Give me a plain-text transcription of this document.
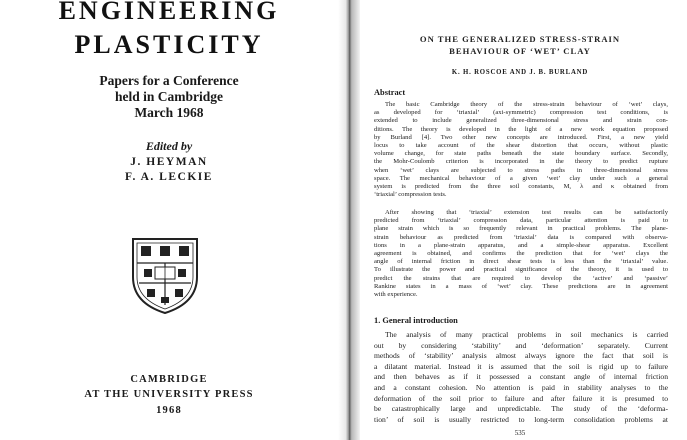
ENGINEERING
PLASTICITY
Papers for a Conference
held in Cambridge
March 1968
Edited by
J. HEYMAN
F. A. LECKIE
CAMBRIDGE
AT THE UNIVERSITY PRESS
1968
ON THE GENERALIZED STRESS-STRAIN
BEHAVIOUR OF ‘WET’ CLAY
K. H. ROSCOE AND J. B. BURLAND
Abstract
The basic Cambridge theory of the stress-strain behaviour of ‘wet’ clays,
as developed for ‘triaxial’ (axi-symmetric) compression test conditions, is
extended to include generalized three-dimensional stress and strain con-
ditions. The theory is developed in the light of a new work equation proposed
by Burland [4]. Two other new concepts are introduced. First, a new yield
locus to take account of the shear distortion that occurs, without plastic
volume change, for state paths beneath the state boundary surface. Secondly,
the Mohr-Coulomb criterion is incorporated in the theory to predict rupture
when ‘wet’ clays are subjected to stress paths in three-dimensional stress
space. The mechanical behaviour of a given ‘wet’ clay under such a general
system is predicted from the three soil constants, M, λ and κ obtained from
‘triaxial’ compression tests.
After showing that ‘triaxial’ extension test results can be satisfactorily
predicted from ‘triaxial’ compression data, particular attention is paid to
plane strain which is so frequently relevant in practical problems. The plane-
strain behaviour as predicted from ‘triaxial’ data is compared with observa-
tions in a plane-strain apparatus, and a simple-shear apparatus. Excellent
agreement is obtained, and confirms the prediction that for ‘wet’ clays the
angle of internal friction in direct shear tests is less than the ‘triaxial’ value.
To illustrate the power and practical significance of the theory, it is used to
predict the strains that are required to develop the ‘active’ and ‘passive’
Rankine states in a mass of ‘wet’ clay. These predictions are in agreement
with experience.
1. General introduction
The analysis of many practical problems in soil mechanics is carried
out by considering ‘stability’ and ‘deformation’ separately. Current
methods of ‘stability’ analysis almost always ignore the fact that soil is
a dilatant material. Instead it is assumed that the soil is rigid up to failure
and then behaves as if it possessed a constant angle of internal friction
and a constant cohesion. No attention is paid in stability analyses to the
deformation of the soil prior to failure and after failure it is presumed to
be catastrophically large and unpredictable. The study of the ‘deforma-
tion’ of soil is usually restricted to long-term consolidation problems at
535
